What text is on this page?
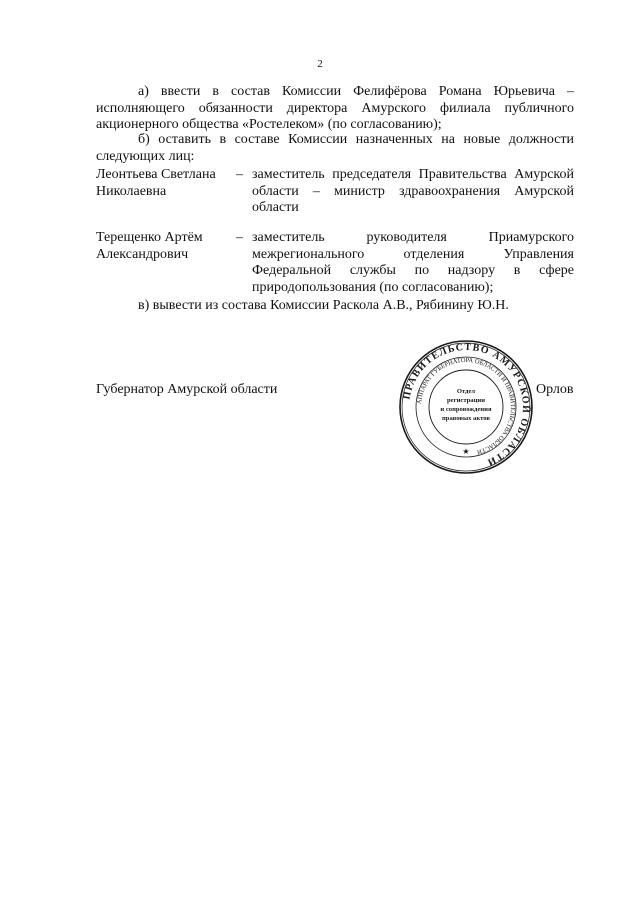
2
а) ввести в состав Комиссии Фелифёрова Романа Юрьевича – исполняющего обязанности директора Амурского филиала публичного акционерного общества «Ростелеком» (по согласованию);
б) оставить в составе Комиссии назначенных на новые должности следующих лиц:
Леонтьева Светлана Николаевна
– заместитель председателя Правительства Амурской области – министр здравоохранения Амурской области
Терещенко Артём Александрович
– заместитель руководителя Приамурского межрегионального отделения Управления Федеральной службы по надзору в сфере природопользования (по согласованию);
в) вывести из состава Комиссии Раскола А.В., Рябинину Ю.Н.
Губернатор Амурской области	Орлов
ПРАВИТЕЛЬСТВО АМУРСКОЙ ОБЛАСТИ
АППАРАТ ГУБЕРНАТОРА ОБЛАСТИ И ПРАВИТЕЛЬСТВА ОБЛАСТИ
Отдел
регистрации
и сопровождения
правовых актов
★
